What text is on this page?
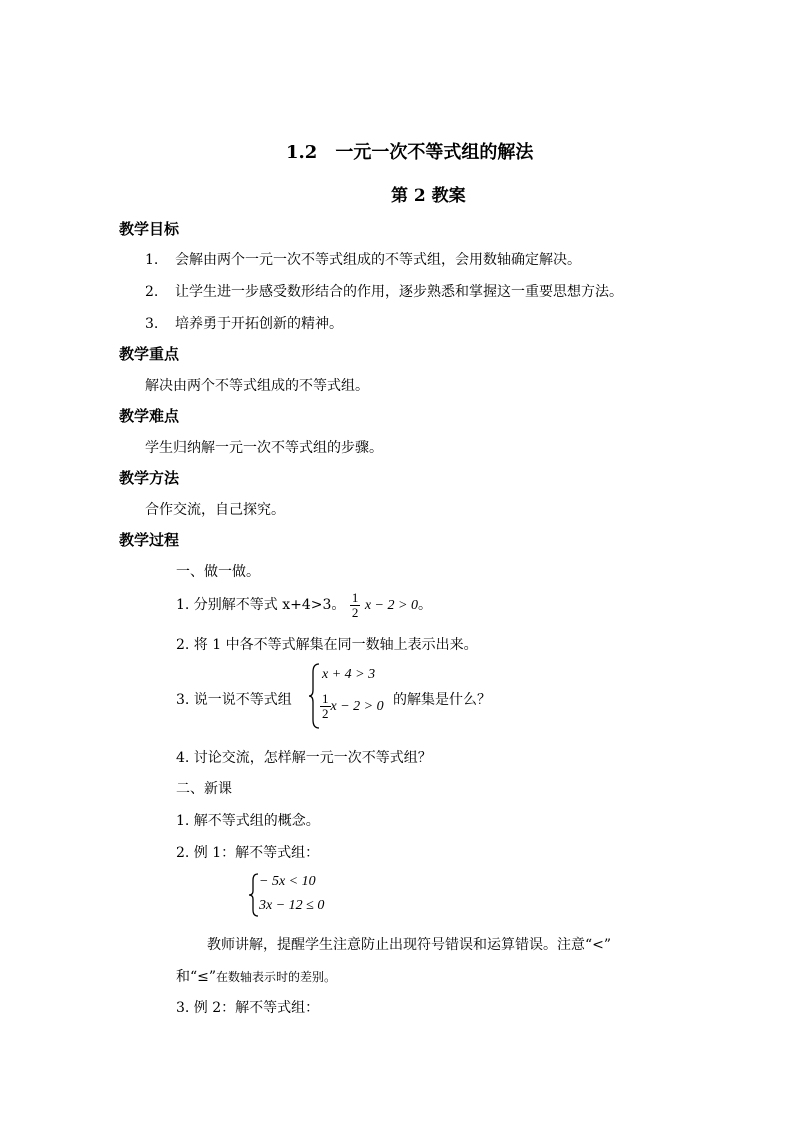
1.2　一元一次不等式组的解法
第 2 教案
教学目标
1. 会解由两个一元一次不等式组成的不等式组，会用数轴确定解决。
2. 让学生进一步感受数形结合的作用，逐步熟悉和掌握这一重要思想方法。
3. 培养勇于开拓创新的精神。
教学重点
解决由两个不等式组成的不等式组。
教学难点
学生归纳解一元一次不等式组的步骤。
教学方法
合作交流，自己探究。
教学过程
一、做一做。
1. 分别解不等式 x+4>3。 $\frac{1}{2}$ x − 2 > 0。
2. 将 1 中各不等式解集在同一数轴上表示出来。
3. 说一说不等式组
x + 4 > 3
$\frac{1}{2}$ x − 2 > 0 的解集是什么？
4. 讨论交流，怎样解一元一次不等式组？
二、新课
1. 解不等式组的概念。
2. 例 1：解不等式组：
− 5x < 10
3x − 12 ≤ 0
教师讲解，提醒学生注意防止出现符号错误和运算错误。注意“<”
和“≤”在数轴表示时的差别。
3. 例 2：解不等式组：
